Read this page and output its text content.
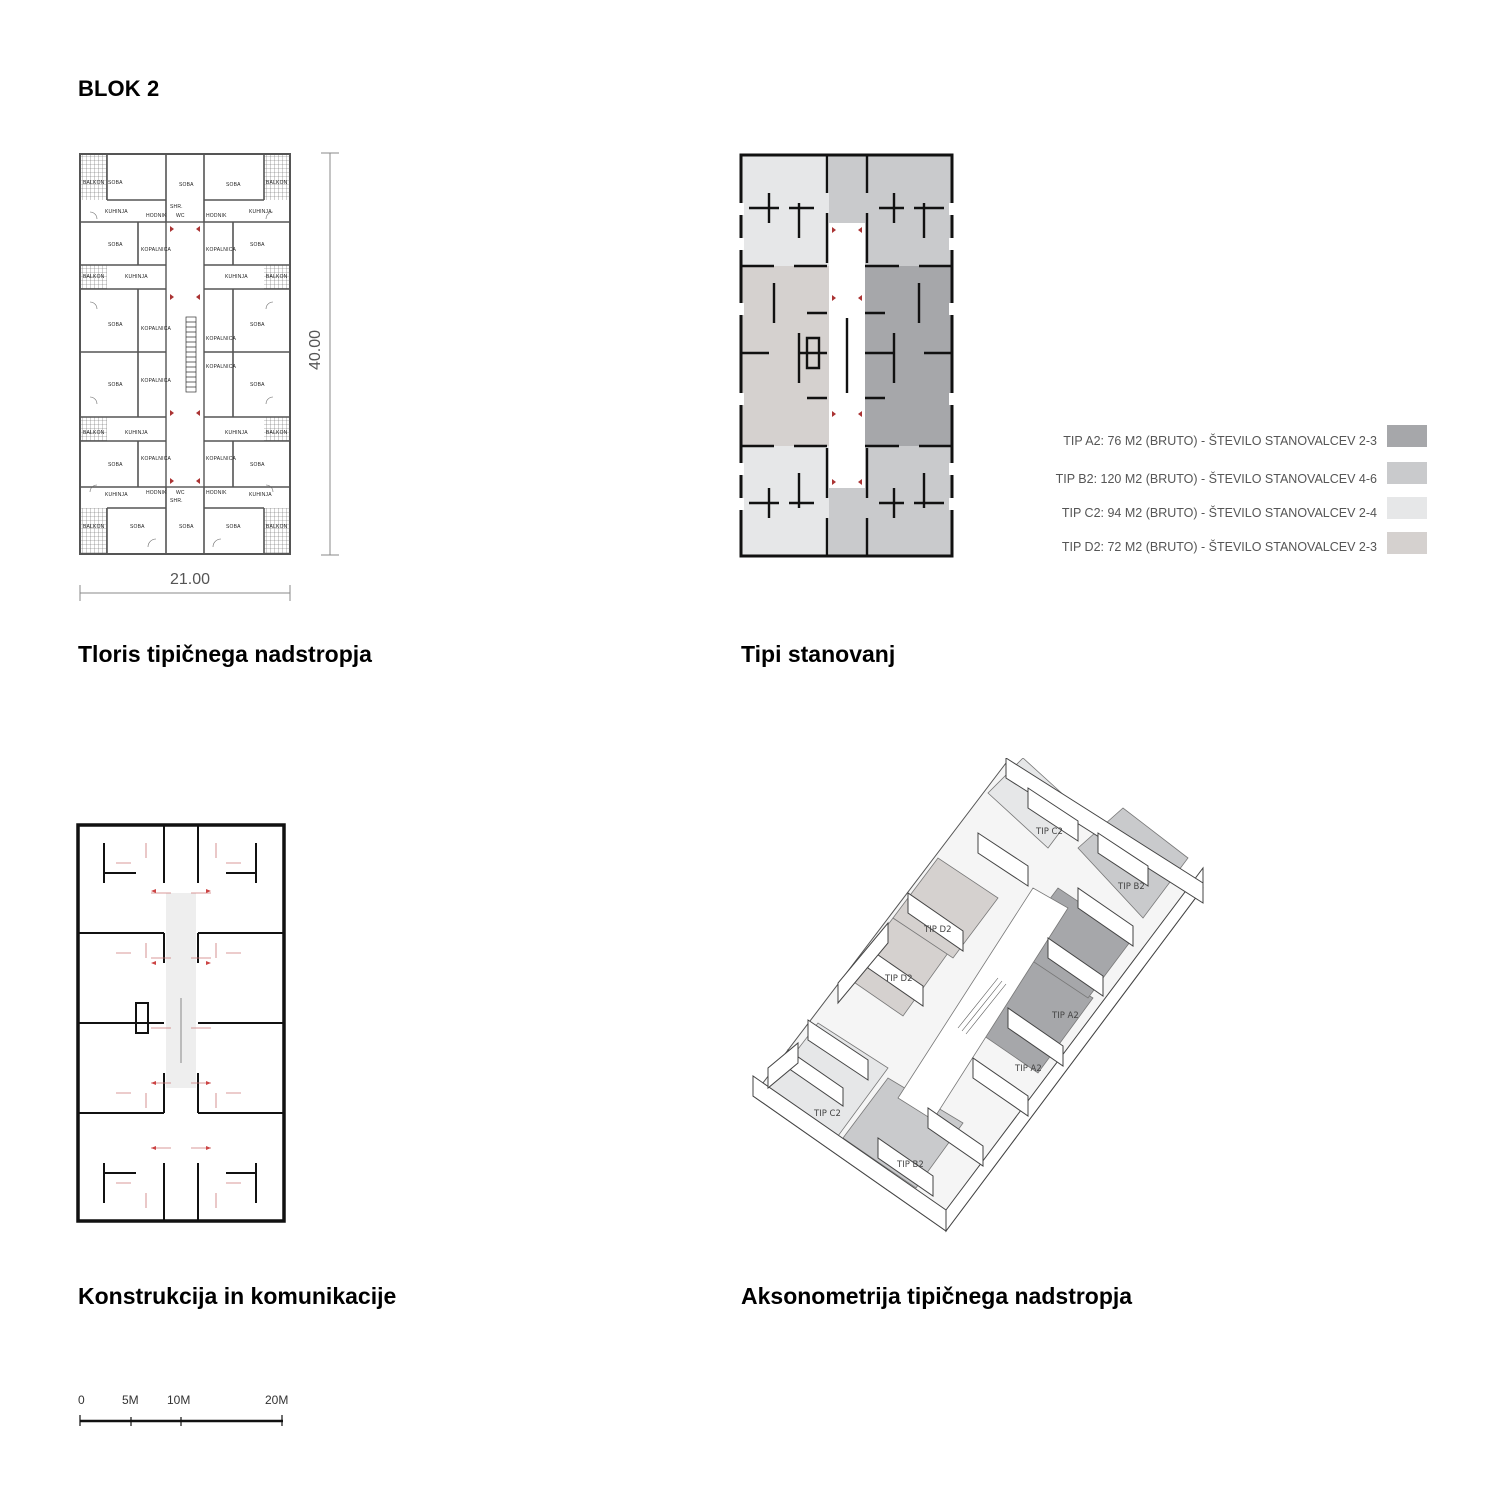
BLOK 2
SOBA	SOBA	SOBA
BALKON	BALKON
KUHINJA	KUHINJA
HODNIK	HODNIK
SHR.
WC
SOBA	SOBA
KOPALNICA	KOPALNICA
KUHINJA	KUHINJA
BALKON	BALKON
SOBA	SOBA
KOPALNICA
KOPALNICA
SOBA	SOBA
KOPALNICA
KOPALNICA
KUHINJA	KUHINJA
BALKON	BALKON
SOBA	SOBA
KOPALNICA	KOPALNICA
KUHINJA	KUHINJA
HODNIK	HODNIK
WC
SHR.
SOBA	SOBA	SOBA
BALKON	BALKON
40.00
21.00
Tloris tipičnega nadstropja
TIP A2: 76 M2 (BRUTO) - ŠTEVILO STANOVALCEV 2-3
TIP B2: 120 M2 (BRUTO) - ŠTEVILO STANOVALCEV 4-6
TIP C2: 94 M2 (BRUTO) - ŠTEVILO STANOVALCEV 2-4
TIP D2: 72 M2 (BRUTO) - ŠTEVILO STANOVALCEV 2-3
Tipi stanovanj
Konstrukcija in komunikacije
TIP C2
TIP B2
TIP D2
TIP D2
TIP A2
TIP A2
TIP C2
TIP B2
Aksonometrija tipičnega nadstropja
0	5M 10M	20M
